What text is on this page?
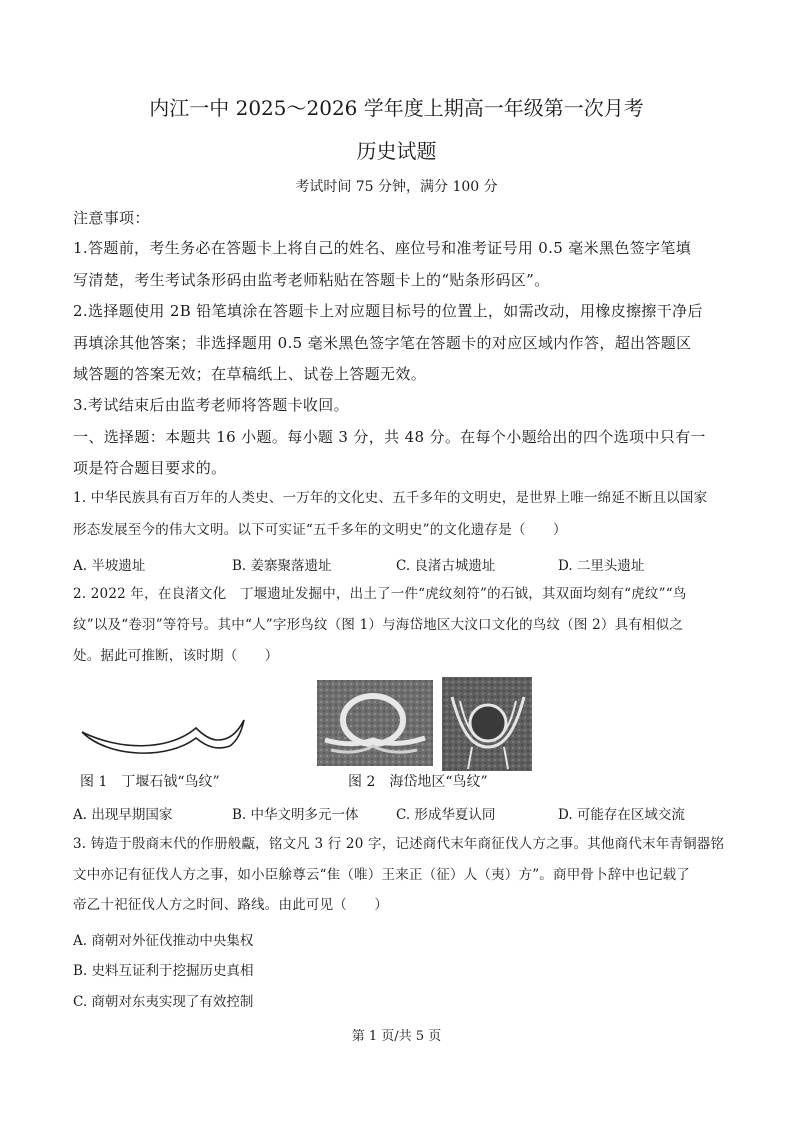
内江一中 2025～2026 学年度上期高一年级第一次月考
历史试题
考试时间 75 分钟，满分 100 分
注意事项：
1.答题前，考生务必在答题卡上将自己的姓名、座位号和准考证号用 0.5 毫米黑色签字笔填
写清楚，考生考试条形码由监考老师粘贴在答题卡上的“贴条形码区”。
2.选择题使用 2B 铅笔填涂在答题卡上对应题目标号的位置上，如需改动，用橡皮擦擦干净后
再填涂其他答案；非选择题用 0.5 毫米黑色签字笔在答题卡的对应区域内作答，超出答题区
域答题的答案无效；在草稿纸上、试卷上答题无效。
3.考试结束后由监考老师将答题卡收回。
一、选择题：本题共 16 小题。每小题 3 分，共 48 分。在每个小题给出的四个选项中只有一
项是符合题目要求的。
1. 中华民族具有百万年的人类史、一万年的文化史、五千多年的文明史，是世界上唯一绵延不断且以国家
形态发展至今的伟大文明。以下可实证“五千多年的文明史”的文化遗存是（　　）
A. 半坡遗址	B. 姜寨聚落遗址	C. 良渚古城遗址	D. 二里头遗址
2. 2022 年，在良渚文化　丁堰遗址发掘中，出土了一件“虎纹刻符”的石钺，其双面均刻有“虎纹”“鸟
纹”以及“卷羽”等符号。其中“人”字形鸟纹（图 1）与海岱地区大汶口文化的鸟纹（图 2）具有相似之
处。据此可推断，该时期（　　）
图 1　丁堰石钺“鸟纹”	图 2　海岱地区“鸟纹”
A. 出现早期国家	B. 中华文明多元一体	C. 形成华夏认同	D. 可能存在区域交流
3. 铸造于殷商末代的作册般甗，铭文凡 3 行 20 字，记述商代末年商征伐人方之事。其他商代末年青铜器铭
文中亦记有征伐人方之事，如小臣艅尊云“隹（唯）王来正（征）人（夷）方”。商甲骨卜辞中也记载了
帝乙十祀征伐人方之时间、路线。由此可见（　　）
A. 商朝对外征伐推动中央集权
B. 史料互证利于挖掘历史真相
C. 商朝对东夷实现了有效控制
第 1 页/共 5 页
